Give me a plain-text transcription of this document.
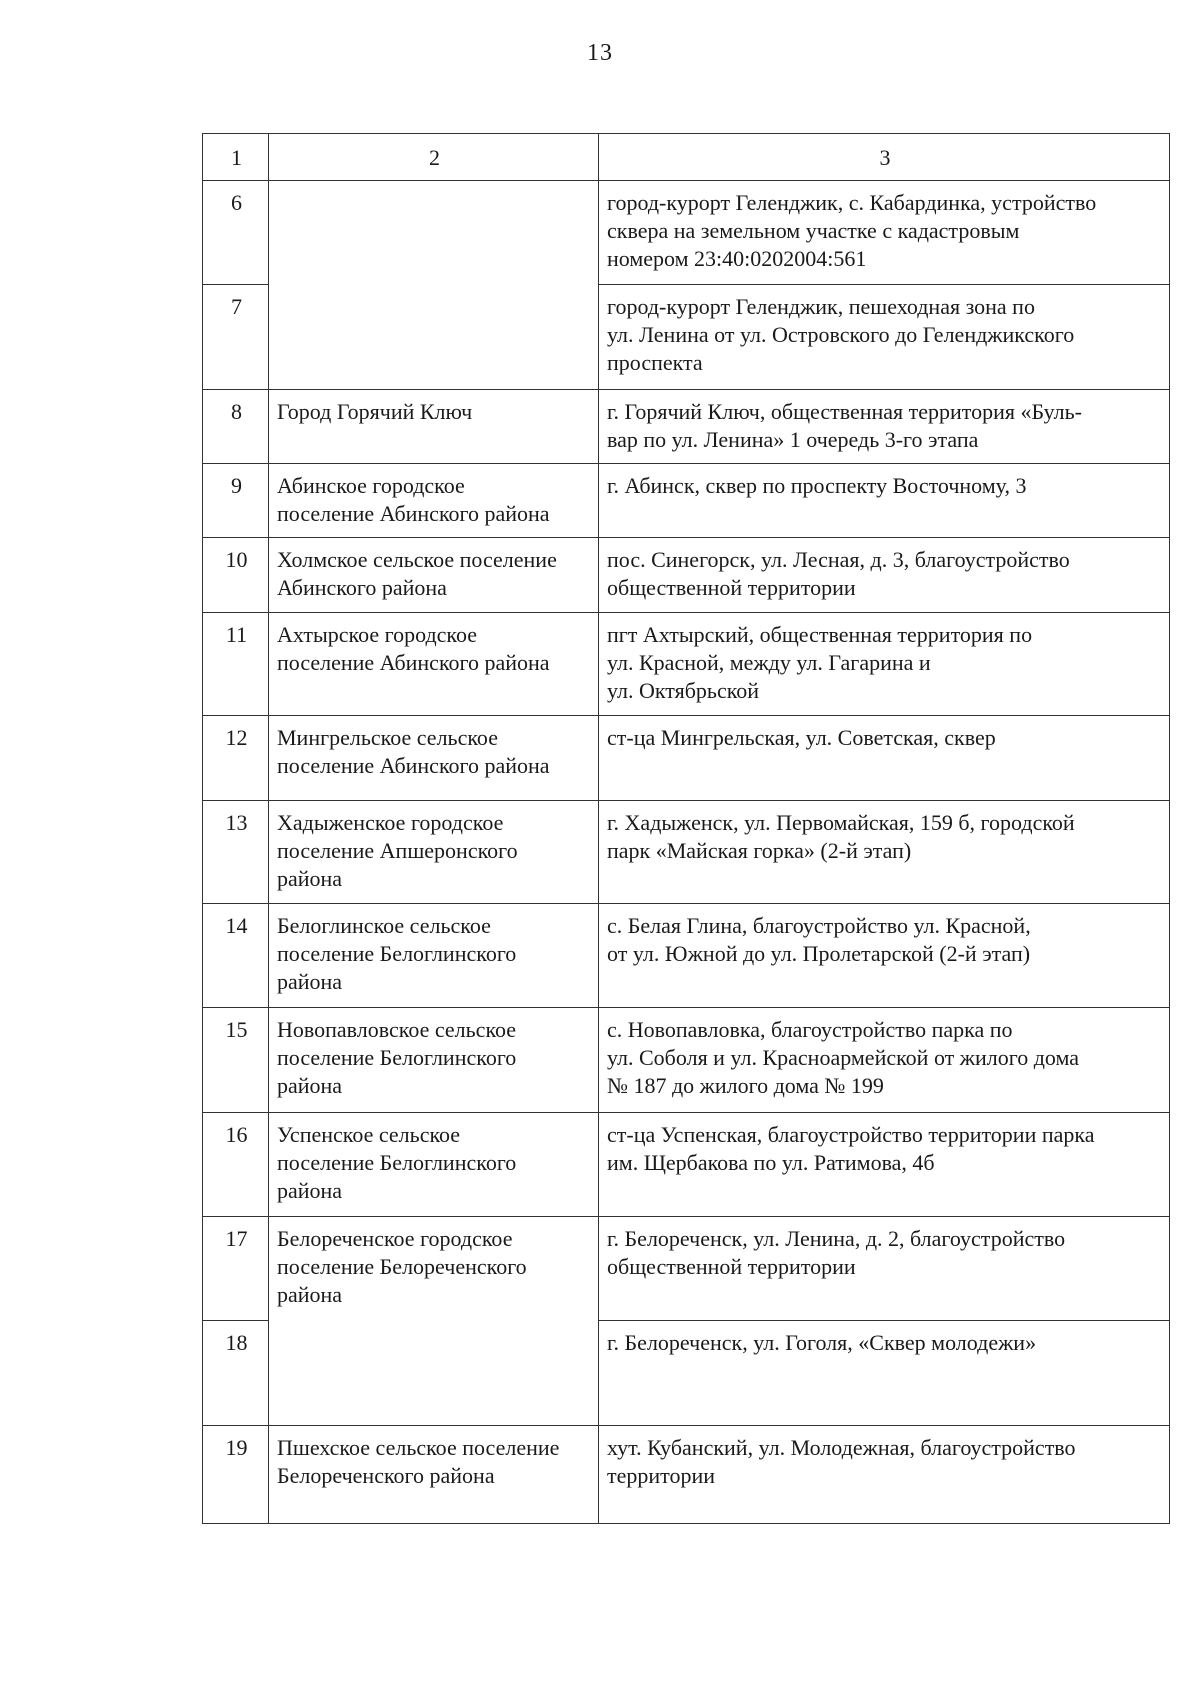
13
1	2	3
6		город-курорт Геленджик, с. Кабардинка, устройство
сквера на земельном участке с кадастровым
номером 23:40:0202004:561
7		город-курорт Геленджик, пешеходная зона по
ул. Ленина от ул. Островского до Геленджикского
проспекта
8	Город Горячий Ключ	г. Горячий Ключ, общественная территория «Буль-
вар по ул. Ленина» 1 очередь 3-го этапа
9	Абинское городское
поселение Абинского района	г. Абинск, сквер по проспекту Восточному, 3
10	Холмское сельское поселение
Абинского района	пос. Синегорск, ул. Лесная, д. 3, благоустройство
общественной территории
11	Ахтырское городское
поселение Абинского района	пгт Ахтырский, общественная территория по
ул. Красной, между ул. Гагарина и
ул. Октябрьской
12	Мингрельское сельское
поселение Абинского района	ст-ца Мингрельская, ул. Советская, сквер
13	Хадыженское городское
поселение Апшеронского
района	г. Хадыженск, ул. Первомайская, 159 б, городской
парк «Майская горка» (2-й этап)
14	Белоглинское сельское
поселение Белоглинского
района	с. Белая Глина, благоустройство ул. Красной,
от ул. Южной до ул. Пролетарской (2-й этап)
15	Новопавловское сельское
поселение Белоглинского
района	с. Новопавловка, благоустройство парка по
ул. Соболя и ул. Красноармейской от жилого дома
№ 187 до жилого дома № 199
16	Успенское сельское
поселение Белоглинского
района	ст-ца Успенская, благоустройство территории парка
им. Щербакова по ул. Ратимова, 4б
17	Белореченское городское
поселение Белореченского
района	г. Белореченск, ул. Ленина, д. 2, благоустройство
общественной территории
18		г. Белореченск, ул. Гоголя, «Сквер молодежи»
19	Пшехское сельское поселение
Белореченского района	хут. Кубанский, ул. Молодежная, благоустройство
территории
